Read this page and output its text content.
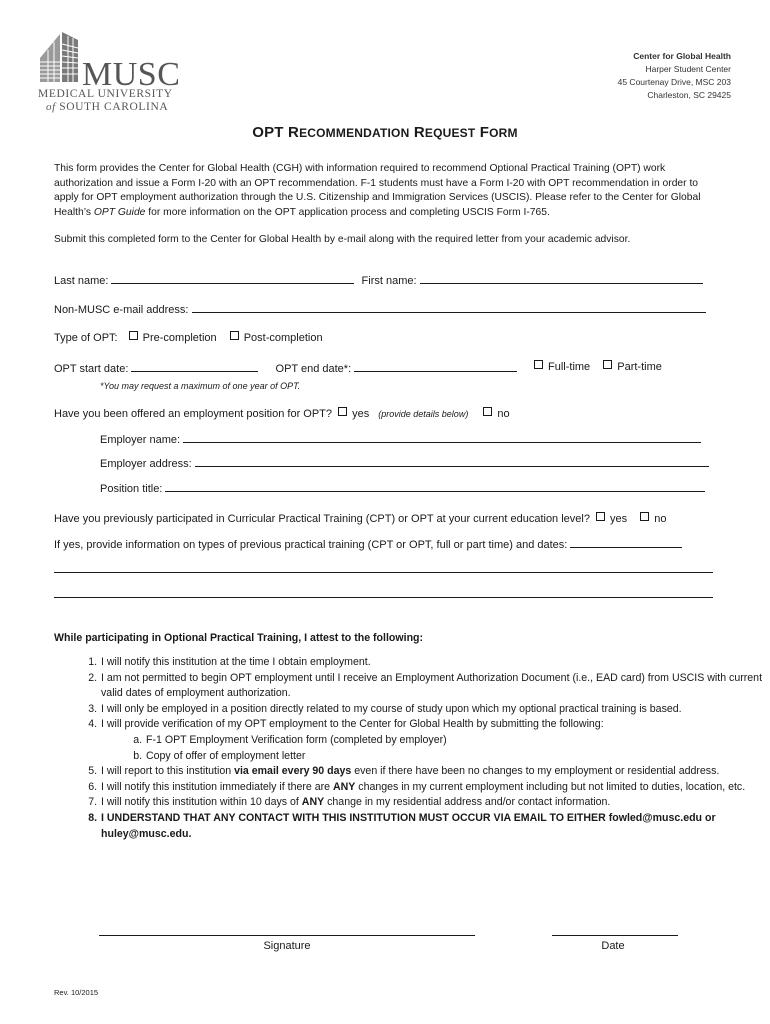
MUSC
MEDICAL UNIVERSITY
of SOUTH CAROLINA
Center for Global Health
Harper Student Center
45 Courtenay Drive, MSC 203
Charleston, SC 29425
OPT RECOMMENDATION REQUEST FORM
This form provides the Center for Global Health (CGH) with information required to recommend Optional Practical Training (OPT) work authorization and issue a Form I-20 with an OPT recommendation. F-1 students must have a Form I-20 with OPT recommendation in order to apply for OPT employment authorization through the U.S. Citizenship and Immigration Services (USCIS). Please refer to the Center for Global Health’s OPT Guide for more information on the OPT application process and completing USCIS Form I-765.
Submit this completed form to the Center for Global Health by e-mail along with the required letter from your academic advisor.
Last name:	First name:
Non-MUSC e-mail address:
Type of OPT: Pre-completion Post-completion
OPT start date:	OPT end date*:	Full-time Part-time
*You may request a maximum of one year of OPT.
Have you been offered an employment position for OPT? yes (provide details below)	no
Employer name:
Employer address:
Position title:
Have you previously participated in Curricular Practical Training (CPT) or OPT at your current education level? yes no
If yes, provide information on types of previous practical training (CPT or OPT, full or part time) and dates:
While participating in Optional Practical Training, I attest to the following:
1. I will notify this institution at the time I obtain employment.
2. I am not permitted to begin OPT employment until I receive an Employment Authorization Document (i.e., EAD card) from USCIS with current valid dates of employment authorization.
3. I will only be employed in a position directly related to my course of study upon which my optional practical training is based.
4. I will provide verification of my OPT employment to the Center for Global Health by submitting the following:
a. F-1 OPT Employment Verification form (completed by employer)
b. Copy of offer of employment letter
5. I will report to this institution via email every 90 days even if there have been no changes to my employment or residential address.
6. I will notify this institution immediately if there are ANY changes in my current employment including but not limited to duties, location, etc.
7. I will notify this institution within 10 days of ANY change in my residential address and/or contact information.
8. I UNDERSTAND THAT ANY CONTACT WITH THIS INSTITUTION MUST OCCUR VIA EMAIL TO EITHER fowled@musc.edu or huley@musc.edu.
Signature	Date
Rev. 10/2015
